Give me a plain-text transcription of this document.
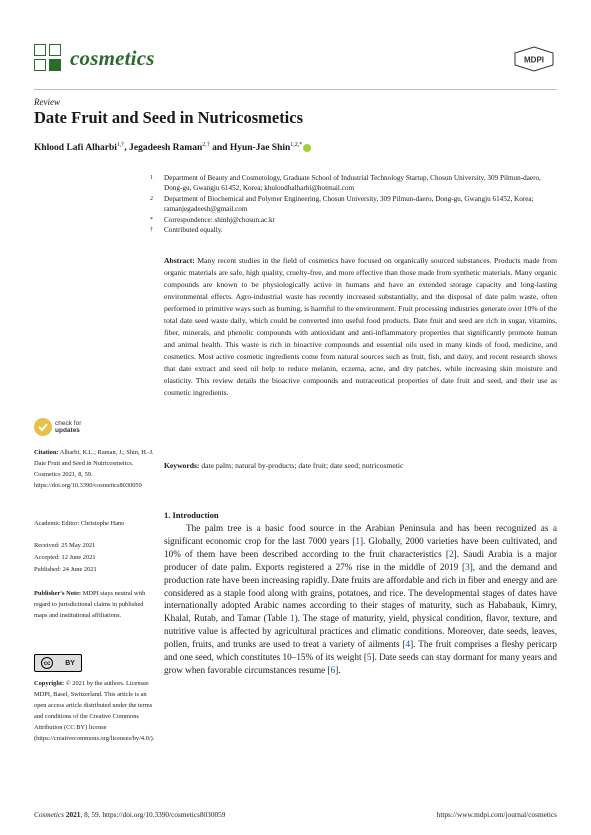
cosmetics	MDPI
Review
Date Fruit and Seed in Nutricosmetics
Khlood Lafi Alharbi$^{1,\dagger}$, Jegadeesh Raman$^{2,\dagger}$ and Hyun-Jae Shin$^{1,2,*}$
1 Department of Beauty and Cosmetology, Graduate School of Industrial Technology Startup, Chosun University, 309 Pilmun-daero, Dong-gu, Gwangju 61452, Korea; khuloodhalharbi@hotmail.com
2 Department of Biochemical and Polymer Engineering, Chosun University, 309 Pilmun-daero, Dong-gu, Gwangju 61452, Korea; ramanjegadeesh@gmail.com
* Correspondence: shinhj@chosun.ac.kr
† Contributed equally.
Abstract: Many recent studies in the field of cosmetics have focused on organically sourced substances. Products made from organic materials are safe, high quality, cruelty-free, and more effective than those made from synthetic materials. Many organic compounds are known to be physiologically active in humans and have an extended storage capacity and long-lasting environmental effects. Agro-industrial waste has recently increased substantially, and the disposal of date palm waste, often performed in primitive ways such as burning, is harmful to the environment. Fruit processing industries generate over 10% of the total date seed waste daily, which could be converted into useful food products. Date fruit and seed are rich in sugar, vitamins, fiber, minerals, and phenolic compounds with antioxidant and anti-inflammatory properties that significantly promote human and animal health. This waste is rich in bioactive compounds and essential oils used in many kinds of food, medicine, and cosmetics. Most active cosmetic ingredients come from natural sources such as fruit, fish, and dairy, and recent research shows that date extract and seed oil help to reduce melanin, eczema, acne, and dry patches, while increasing skin moisture and elasticity. This review details the bioactive compounds and nutraceutical properties of date fruit and seed, and their use as cosmetic ingredients.
Keywords: date palm; natural by-products; date fruit; date seed; nutricosmetic
check for
updates
Citation: Alharbi, K.L.; Raman, J.; Shin, H.-J. Date Fruit and Seed in Nutricosmetics. Cosmetics 2021, 8, 59. https://doi.org/10.3390/cosmetics8030059
Academic Editor: Christophe Hano
Received: 25 May 2021
Accepted: 12 June 2021
Published: 24 June 2021
Publisher's Note: MDPI stays neutral with regard to jurisdictional claims in published maps and institutional affiliations.
cc	BY
Copyright: © 2021 by the authors. Licensee MDPI, Basel, Switzerland. This article is an open access article distributed under the terms and conditions of the Creative Commons Attribution (CC BY) license (https://creativecommons.org/licenses/by/4.0/).
1. Introduction
The palm tree is a basic food source in the Arabian Peninsula and has been recognized as a significant economic crop for the last 7000 years [1]. Globally, 2000 varieties have been cultivated, and 10% of them have been described according to the fruit characteristics [2]. Saudi Arabia is a major producer of date palm. Exports registered a 27% rise in the middle of 2019 [3], and the demand and production rate have been increasing rapidly. Date fruits are affordable and rich in fiber and energy and are considered as a staple food along with grains, potatoes, and rice. The developmental stages of dates have internationally adopted Arabic names according to their stages of maturity, such as Hababauk, Kimry, Khalal, Rutab, and Tamar (Table 1). The stage of maturity, yield, physical condition, flavor, texture, and nutritive value is affected by agricultural practices and climatic conditions. Moreover, date seeds, leaves, pollen, fruits, and trunks are used to treat a variety of ailments [4]. The fruit comprises a fleshy pericarp and one seed, which constitutes 10–15% of its weight [5]. Date seeds can stay dormant for many years and grow when favorable circumstances resume [6].
Cosmetics 2021, 8, 59. https://doi.org/10.3390/cosmetics8030059	https://www.mdpi.com/journal/cosmetics
